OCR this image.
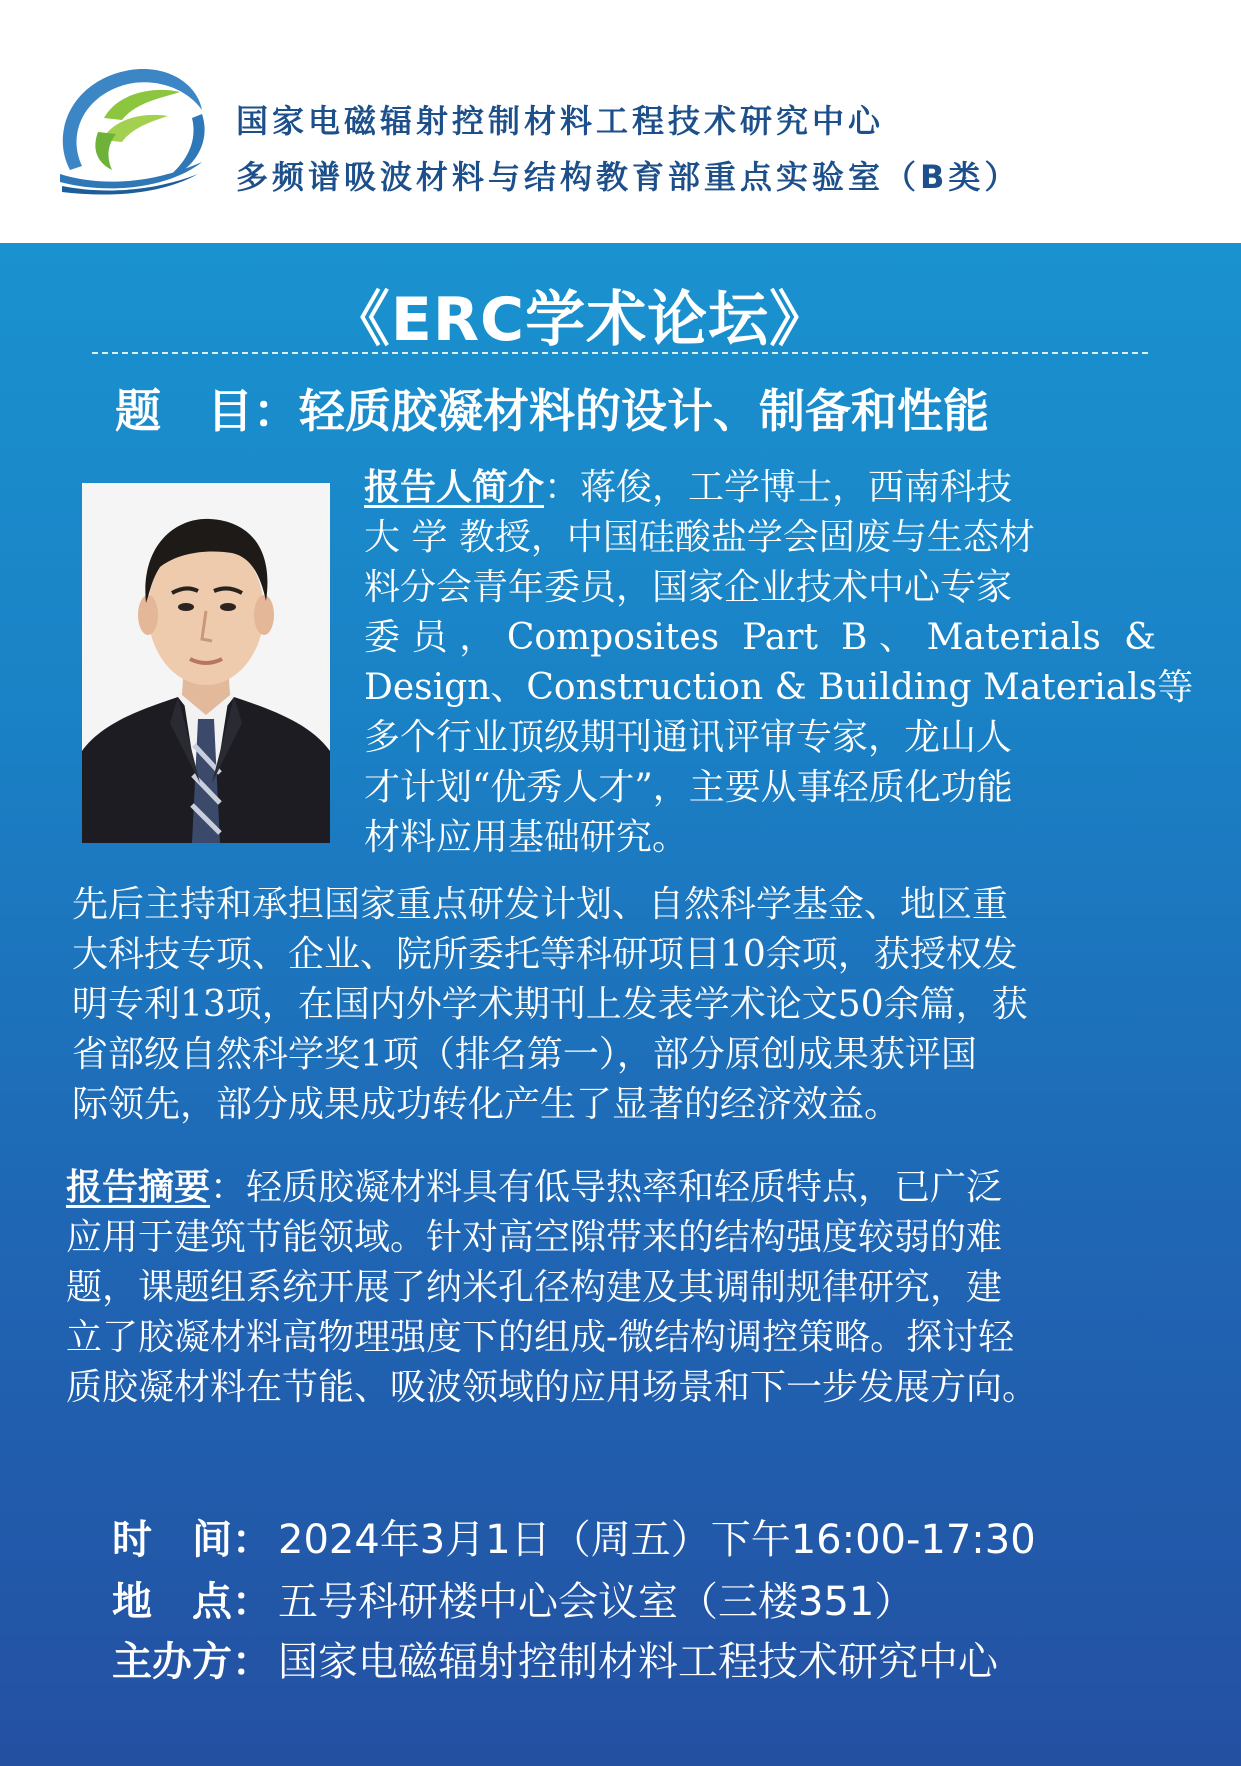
国家电磁辐射控制材料工程技术研究中心
多频谱吸波材料与结构教育部重点实验室（B类）
《ERC学术论坛》
题　目：轻质胶凝材料的设计、制备和性能
报告人简介：蒋俊，工学博士，西南科技
大 学 教授，中国硅酸盐学会固废与生态材
料分会青年委员，国家企业技术中心专家
委员，Composites Part B、Materials &
Design、Construction & Building Materials等
多个行业顶级期刊通讯评审专家，龙山人
才计划“优秀人才”，主要从事轻质化功能
材料应用基础研究。
先后主持和承担国家重点研发计划、自然科学基金、地区重
大科技专项、企业、院所委托等科研项目10余项，获授权发
明专利13项，在国内外学术期刊上发表学术论文50余篇，获
省部级自然科学奖1项（排名第一），部分原创成果获评国
际领先，部分成果成功转化产生了显著的经济效益。
报告摘要：轻质胶凝材料具有低导热率和轻质特点，已广泛
应用于建筑节能领域。针对高空隙带来的结构强度较弱的难
题，课题组系统开展了纳米孔径构建及其调制规律研究，建
立了胶凝材料高物理强度下的组成-微结构调控策略。探讨轻
质胶凝材料在节能、吸波领域的应用场景和下一步发展方向。
时　间： 2024年3月1日（周五）下午16:00-17:30
地　点： 五号科研楼中心会议室（三楼351）
主办方： 国家电磁辐射控制材料工程技术研究中心
